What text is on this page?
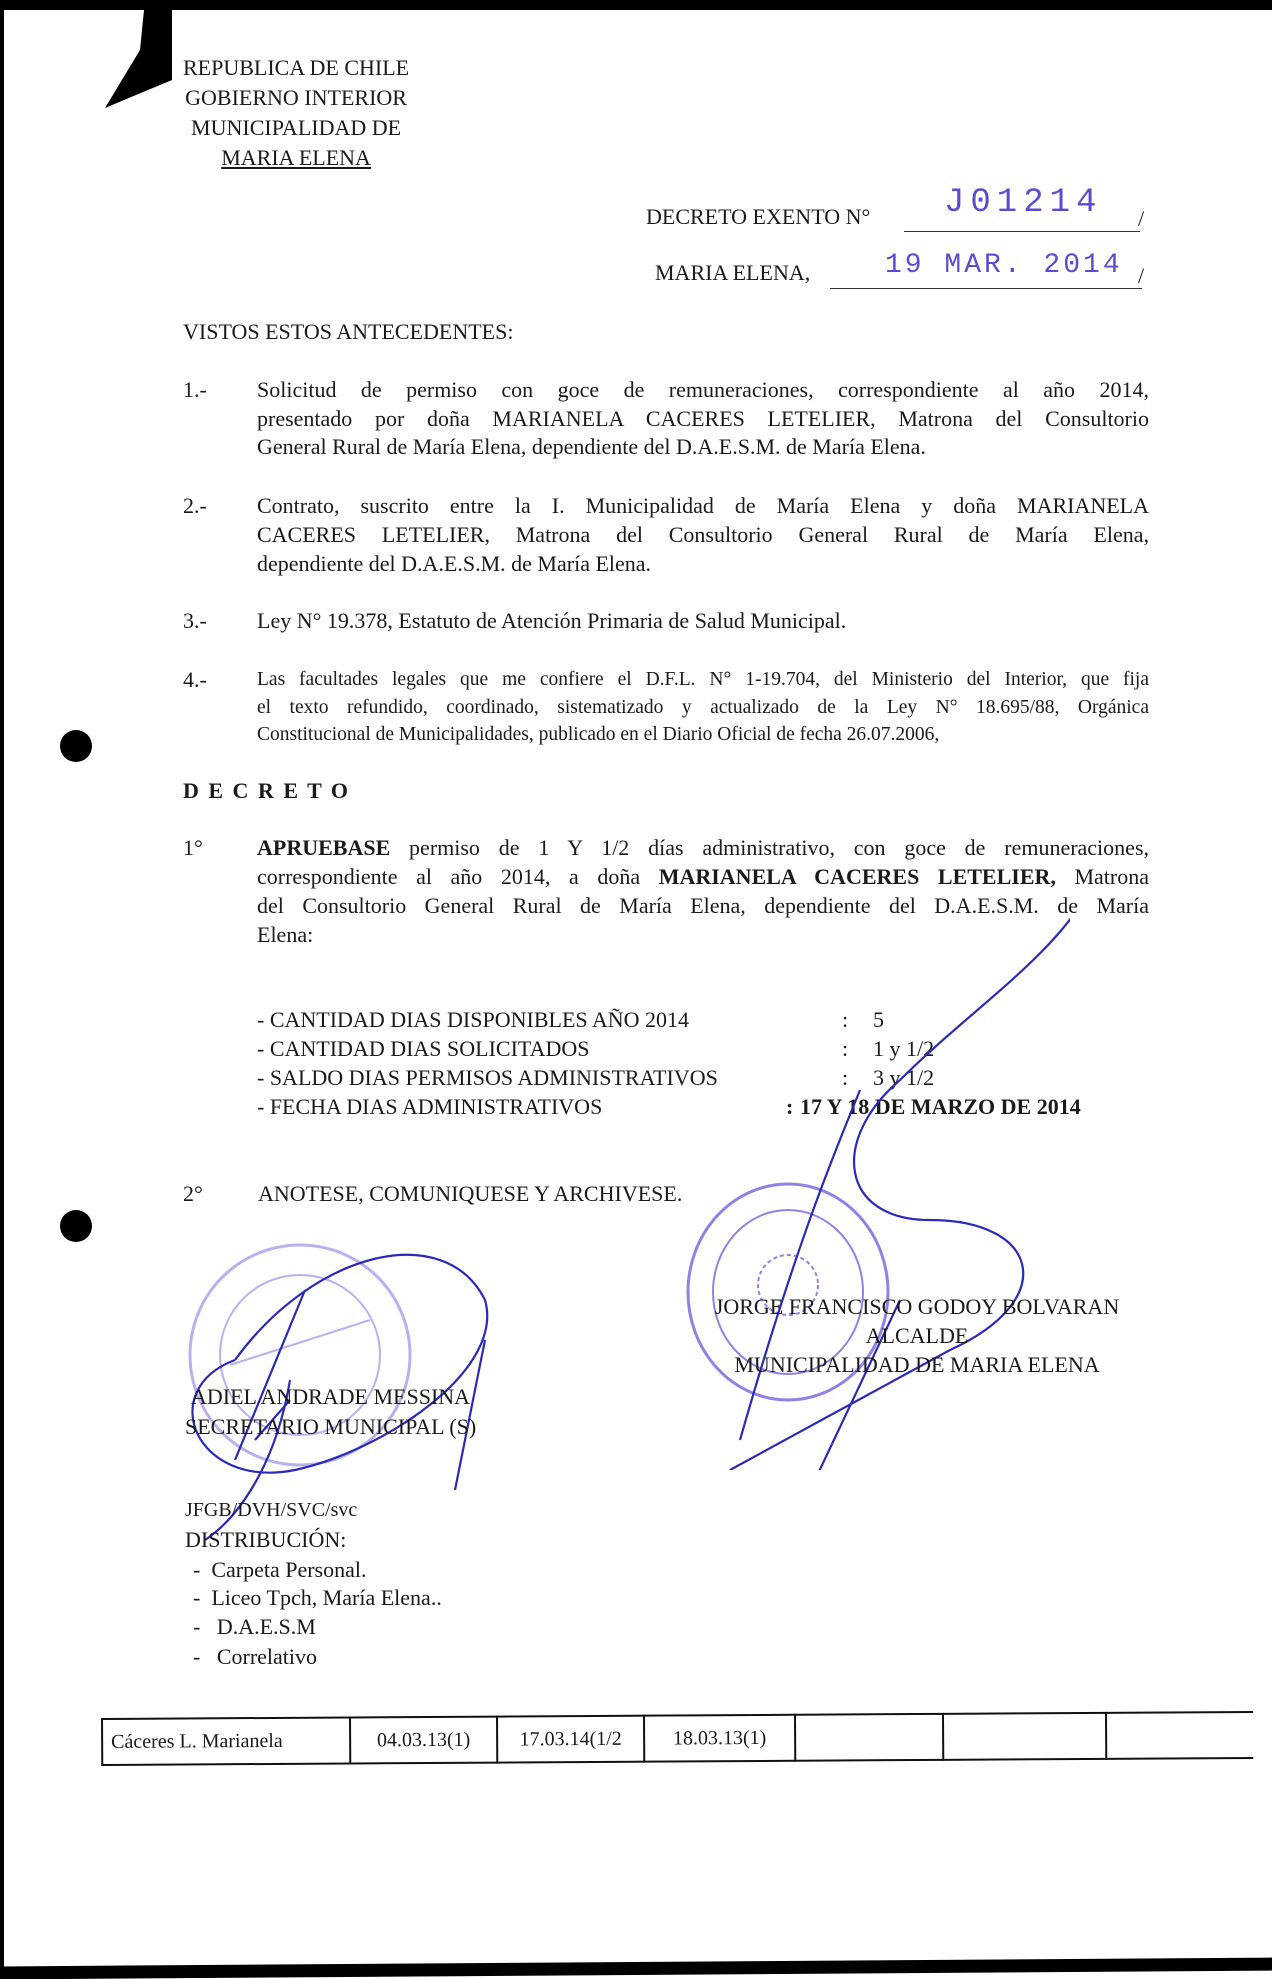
REPUBLICA DE CHILE
GOBIERNO INTERIOR
MUNICIPALIDAD DE
MARIA ELENA
DECRETO EXENTO N° J01214 /
MARIA ELENA,	19 MAR. 2014 /
VISTOS ESTOS ANTECEDENTES:
1.- Solicitud de permiso con goce de remuneraciones, correspondiente al año 2014,
presentado por doña MARIANELA CACERES LETELIER, Matrona del Consultorio
General Rural de María Elena, dependiente del D.A.E.S.M. de María Elena.
2.- Contrato, suscrito entre la I. Municipalidad de María Elena y doña MARIANELA
CACERES LETELIER, Matrona del Consultorio General Rural de María Elena,
dependiente del D.A.E.S.M. de María Elena.
3.- Ley N° 19.378, Estatuto de Atención Primaria de Salud Municipal.
4.-	Las facultades legales que me confiere el D.F.L. N° 1-19.704, del Ministerio del Interior, que fija
el texto refundido, coordinado, sistematizado y actualizado de la Ley N° 18.695/88, Orgánica
Constitucional de Municipalidades, publicado en el Diario Oficial de fecha 26.07.2006,
D E C R E T O
1° APRUEBASE permiso de 1 Y 1/2 días administrativo, con goce de remuneraciones,
correspondiente al año 2014, a doña MARIANELA CACERES LETELIER, Matrona
del Consultorio General Rural de María Elena, dependiente del D.A.E.S.M. de María
Elena:
- CANTIDAD DIAS DISPONIBLES AÑO 2014	: 5
- CANTIDAD DIAS SOLICITADOS	: 1 y 1/2
- SALDO DIAS PERMISOS ADMINISTRATIVOS	: 3 y 1/2
- FECHA DIAS ADMINISTRATIVOS	: 17 Y 18 DE MARZO DE 2014
2°	ANOTESE, COMUNIQUESE Y ARCHIVESE.
ADIEL ANDRADE MESSINA
SECRETARIO MUNICIPAL (S)
JORGE FRANCISCO GODOY BOLVARAN
ALCALDE
MUNICIPALIDAD DE MARIA ELENA
JFGB/DVH/SVC/svc
DISTRIBUCIÓN:
-  Carpeta Personal.
-  Liceo Tpch, María Elena..
-   D.A.E.S.M
-   Correlativo
Cáceres L. Marianela	04.03.13(1)	17.03.14(1/2	18.03.13(1)			
